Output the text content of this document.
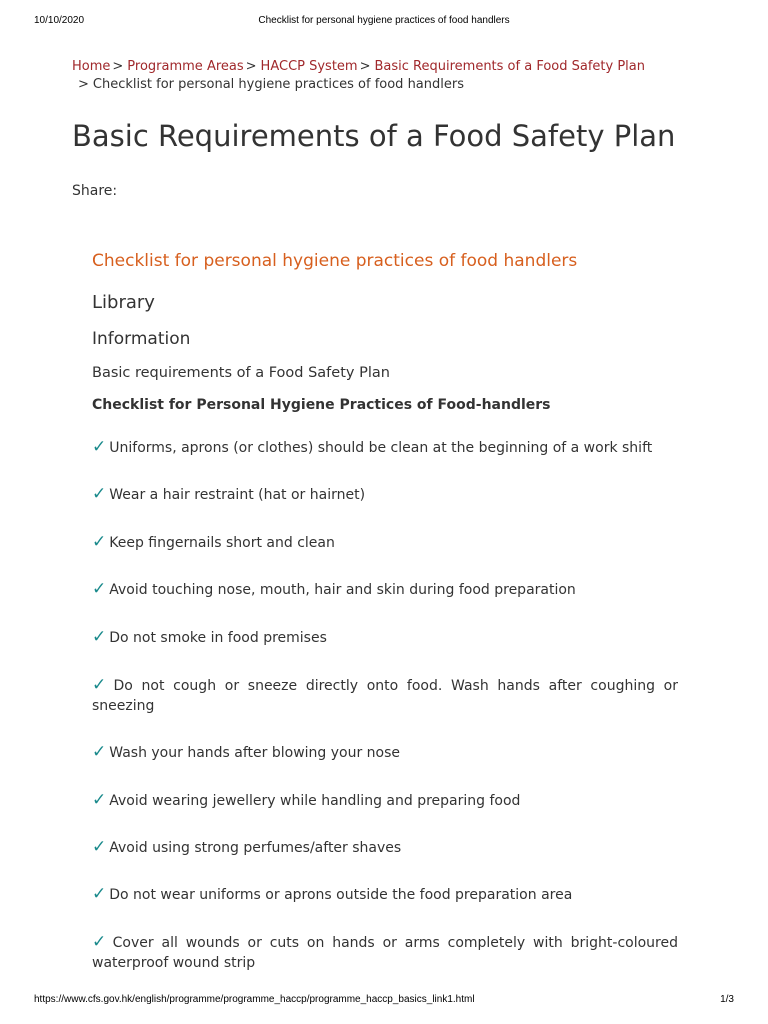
10/10/2020	Checklist for personal hygiene practices of food handlers
Home > Programme Areas > HACCP System > Basic Requirements of a Food Safety Plan
> Checklist for personal hygiene practices of food handlers
Basic Requirements of a Food Safety Plan
Share:
Checklist for personal hygiene practices of food handlers
Library
Information
Basic requirements of a Food Safety Plan
Checklist for Personal Hygiene Practices of Food-handlers
✓ Uniforms, aprons (or clothes) should be clean at the beginning of a work shift
✓ Wear a hair restraint (hat or hairnet)
✓ Keep fingernails short and clean
✓ Avoid touching nose, mouth, hair and skin during food preparation
✓ Do not smoke in food premises
✓ Do not cough or sneeze directly onto food. Wash hands after coughing or sneezing
✓ Wash your hands after blowing your nose
✓ Avoid wearing jewellery while handling and preparing food
✓ Avoid using strong perfumes/after shaves
✓ Do not wear uniforms or aprons outside the food preparation area
✓ Cover all wounds or cuts on hands or arms completely with bright-coloured waterproof wound strip
https://www.cfs.gov.hk/english/programme/programme_haccp/programme_haccp_basics_link1.html	1/3
